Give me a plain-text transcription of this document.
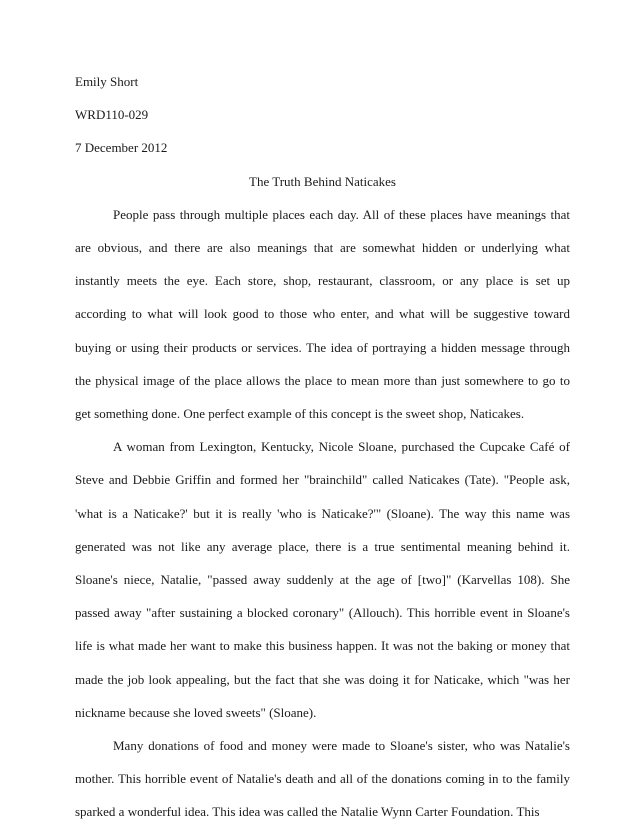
Emily Short

WRD110-029

7 December 2012

The Truth Behind Naticakes

People pass through multiple places each day. All of these places have meanings that are obvious, and there are also meanings that are somewhat hidden or underlying what instantly meets the eye. Each store, shop, restaurant, classroom, or any place is set up according to what will look good to those who enter, and what will be suggestive toward buying or using their products or services. The idea of portraying a hidden message through the physical image of the place allows the place to mean more than just somewhere to go to get something done. One perfect example of this concept is the sweet shop, Naticakes.

A woman from Lexington, Kentucky, Nicole Sloane, purchased the Cupcake Café of Steve and Debbie Griffin and formed her "brainchild" called Naticakes (Tate). "People ask, 'what is a Naticake?' but it is really 'who is Naticake?'" (Sloane). The way this name was generated was not like any average place, there is a true sentimental meaning behind it. Sloane's niece, Natalie, "passed away suddenly at the age of [two]" (Karvellas 108). She passed away "after sustaining a blocked coronary" (Allouch). This horrible event in Sloane's life is what made her want to make this business happen. It was not the baking or money that made the job look appealing, but the fact that she was doing it for Naticake, which "was her nickname because she loved sweets" (Sloane).

Many donations of food and money were made to Sloane's sister, who was Natalie's mother. This horrible event of Natalie's death and all of the donations coming in to the family sparked a wonderful idea. This idea was called the Natalie Wynn Carter Foundation. This
